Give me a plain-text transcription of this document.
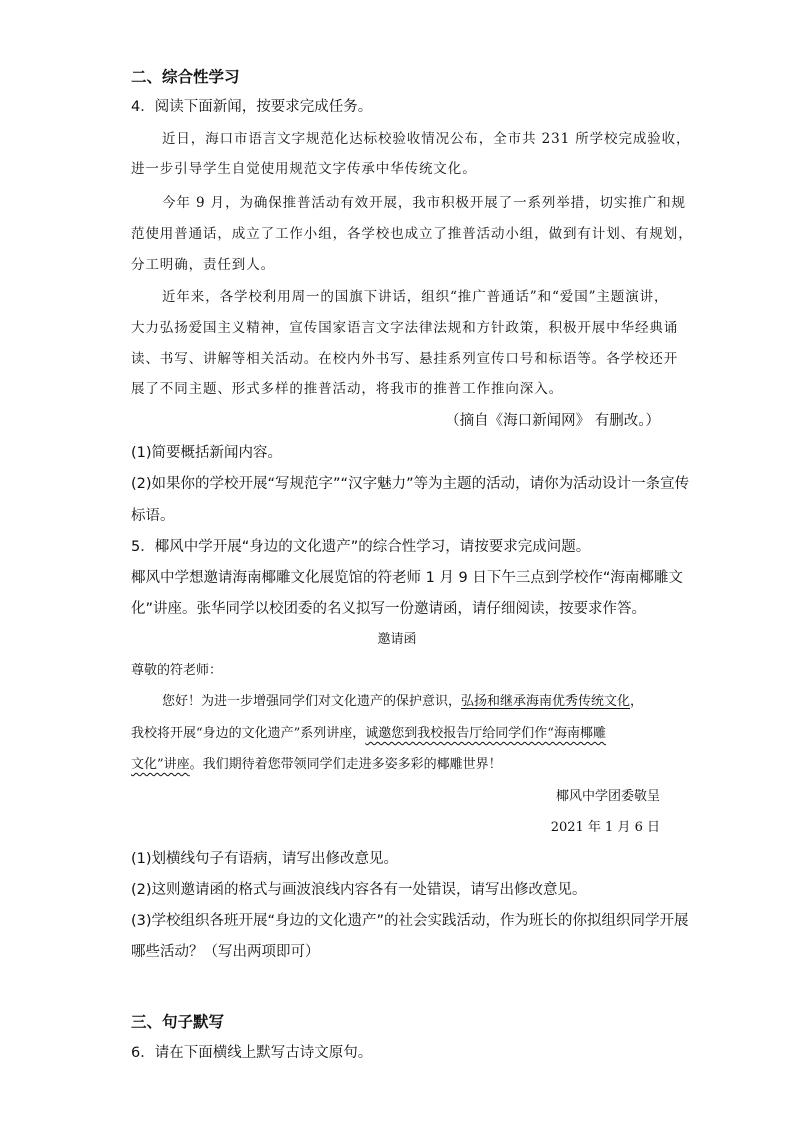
二、综合性学习
4．阅读下面新闻，按要求完成任务。
近日，海口市语言文字规范化达标校验收情况公布，全市共 231 所学校完成验收，
进一步引导学生自觉使用规范文字传承中华传统文化。
今年 9 月，为确保推普活动有效开展，我市积极开展了一系列举措，切实推广和规
范使用普通话，成立了工作小组，各学校也成立了推普活动小组，做到有计划、有规划，
分工明确，责任到人。
近年来，各学校利用周一的国旗下讲话，组织“推广普通话”和“爱国”主题演讲，
大力弘扬爱国主义精神，宣传国家语言文字法律法规和方针政策，积极开展中华经典诵
读、书写、讲解等相关活动。在校内外书写、悬挂系列宣传口号和标语等。各学校还开
展了不同主题、形式多样的推普活动，将我市的推普工作推向深入。
（摘自《海口新闻网》 有删改。）
(1)简要概括新闻内容。
(2)如果你的学校开展“写规范字”“汉字魅力”等为主题的活动，请你为活动设计一条宣传
标语。
5．椰风中学开展“身边的文化遗产”的综合性学习，请按要求完成问题。
椰风中学想邀请海南椰雕文化展览馆的符老师 1 月 9 日下午三点到学校作“海南椰雕文
化”讲座。张华同学以校团委的名义拟写一份邀请函，请仔细阅读，按要求作答。
邀请函
尊敬的符老师：
您好！为进一步增强同学们对文化遗产的保护意识，弘扬和继承海南优秀传统文化，
我校将开展“身边的文化遗产”系列讲座，诚邀您到我校报告厅给同学们作“海南椰雕
文化”讲座。我们期待着您带领同学们走进多姿多彩的椰雕世界！
椰风中学团委敬呈
2021 年 1 月 6 日
(1)划横线句子有语病，请写出修改意见。
(2)这则邀请函的格式与画波浪线内容各有一处错误，请写出修改意见。
(3)学校组织各班开展“身边的文化遗产”的社会实践活动，作为班长的你拟组织同学开展
哪些活动？（写出两项即可）
三、句子默写
6．请在下面横线上默写古诗文原句。
